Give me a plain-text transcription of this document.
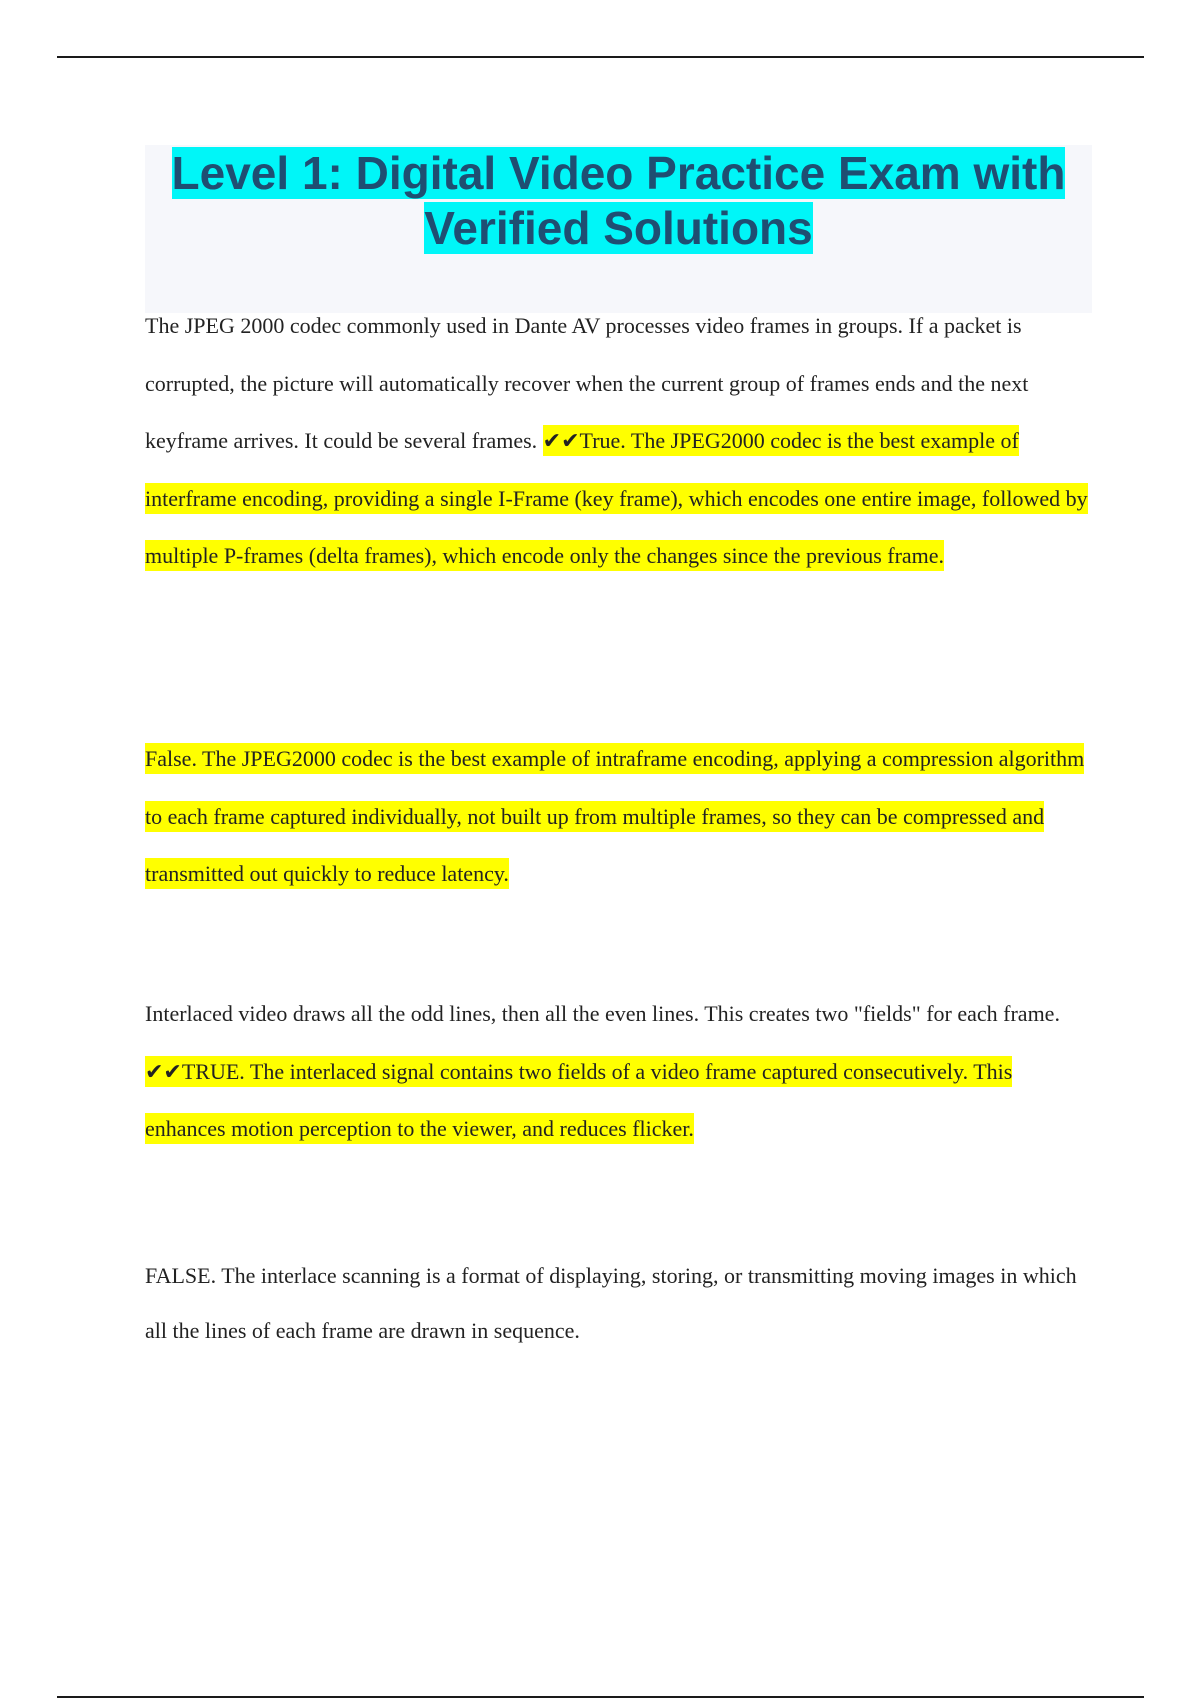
Level 1: Digital Video Practice Exam with Verified Solutions

The JPEG 2000 codec commonly used in Dante AV processes video frames in groups. If a packet is corrupted, the picture will automatically recover when the current group of frames ends and the next keyframe arrives. It could be several frames. ✔✔True. The JPEG2000 codec is the best example of interframe encoding, providing a single I-Frame (key frame), which encodes one entire image, followed by multiple P-frames (delta frames), which encode only the changes since the previous frame.

False. The JPEG2000 codec is the best example of intraframe encoding, applying a compression algorithm to each frame captured individually, not built up from multiple frames, so they can be compressed and transmitted out quickly to reduce latency.

Interlaced video draws all the odd lines, then all the even lines. This creates two "fields" for each frame. ✔✔TRUE. The interlaced signal contains two fields of a video frame captured consecutively. This enhances motion perception to the viewer, and reduces flicker.

FALSE. The interlace scanning is a format of displaying, storing, or transmitting moving images in which all the lines of each frame are drawn in sequence.
